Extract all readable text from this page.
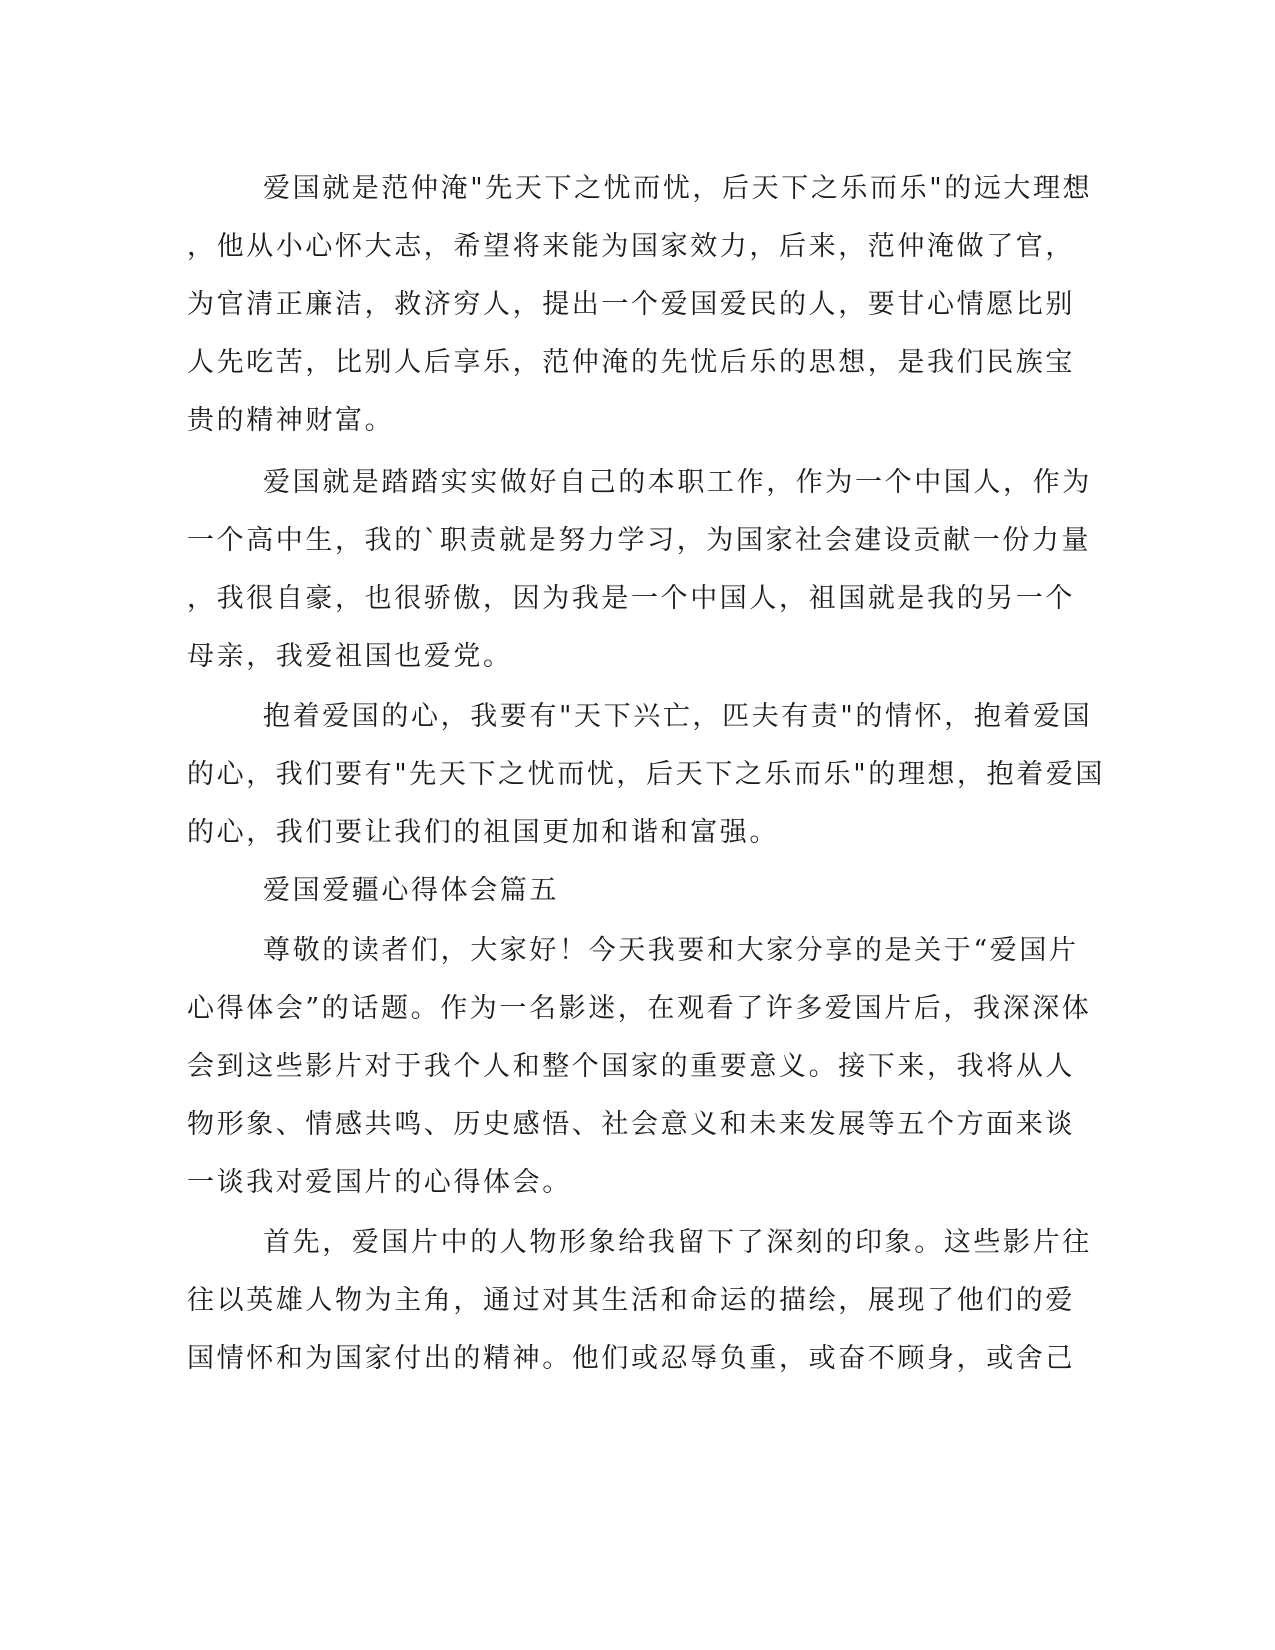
爱国就是范仲淹"先天下之忧而忧，后天下之乐而乐"的远大理想
，他从小心怀大志，希望将来能为国家效力，后来，范仲淹做了官，
为官清正廉洁，救济穷人，提出一个爱国爱民的人，要甘心情愿比别
人先吃苦，比别人后享乐，范仲淹的先忧后乐的思想，是我们民族宝
贵的精神财富。
爱国就是踏踏实实做好自己的本职工作，作为一个中国人，作为
一个高中生，我的`职责就是努力学习，为国家社会建设贡献一份力量
，我很自豪，也很骄傲，因为我是一个中国人，祖国就是我的另一个
母亲，我爱祖国也爱党。
抱着爱国的心，我要有"天下兴亡，匹夫有责"的情怀，抱着爱国
的心，我们要有"先天下之忧而忧，后天下之乐而乐"的理想，抱着爱国
的心，我们要让我们的祖国更加和谐和富强。
爱国爱疆心得体会篇五
尊敬的读者们，大家好！今天我要和大家分享的是关于“爱国片
心得体会”的话题。作为一名影迷，在观看了许多爱国片后，我深深体
会到这些影片对于我个人和整个国家的重要意义。接下来，我将从人
物形象、情感共鸣、历史感悟、社会意义和未来发展等五个方面来谈
一谈我对爱国片的心得体会。
首先，爱国片中的人物形象给我留下了深刻的印象。这些影片往
往以英雄人物为主角，通过对其生活和命运的描绘，展现了他们的爱
国情怀和为国家付出的精神。他们或忍辱负重，或奋不顾身，或舍己
